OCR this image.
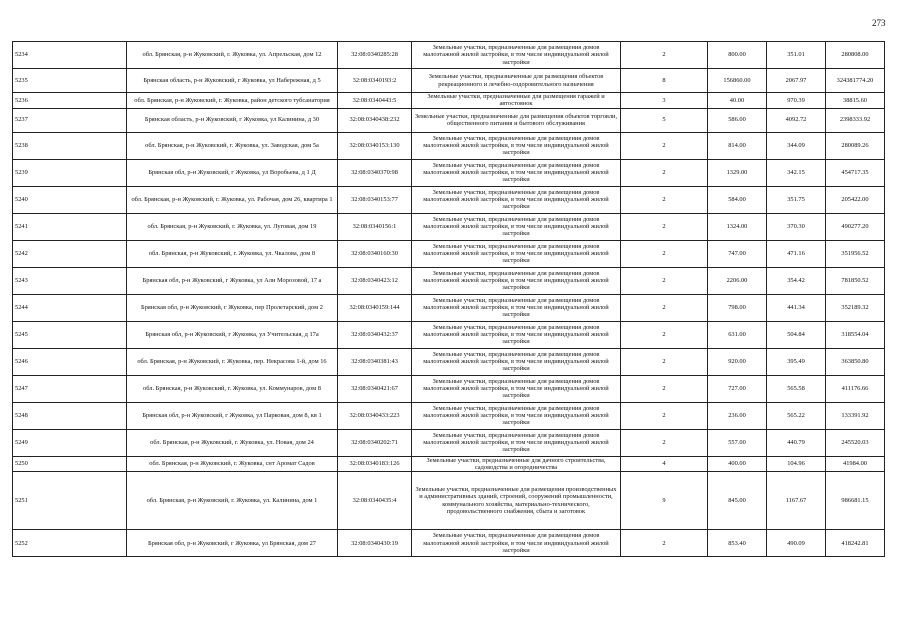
273
5234	обл. Брянская, р-н Жуковский, г. Жуковка, ул. Апрельская, дом 12	32:08:0340285:28	Земельные участки, предназначенные для размещения домов малоэтажной жилой застройки, в том числе индивидуальной жилой застройки	2	800.00	351.01	280808.00
5235	Брянская область, р-н Жуковский, г Жуковка, ул Набережная, д 5	32:08:0340193:2	Земельные участки, предназначенные для размещения объектов рекреационного и лечебно-оздоровительного назначения	8	156860.00	2067.97	324381774.20
5236	обл. Брянская, р-н Жуковский, г. Жуковка, район детского тубсанатория	32:08:0340443:5	Земельные участки, предназначенные для размещения гаражей и автостоянок	3	40.00	970.39	38815.60
5237	Брянская область, р-н Жуковский, г Жуковка, ул Калинина, д 30	32:08:0340438:232	Земельные участки, предназначенные для размещения объектов торговли, общественного питания и бытового обслуживания	5	586.00	4092.72	2398333.92
5238	обл. Брянская, р-н Жуковский, г. Жуковка, ул. Заводская, дом 5а	32:08:0340153:130	Земельные участки, предназначенные для размещения домов малоэтажной жилой застройки, в том числе индивидуальной жилой застройки	2	814.00	344.09	280089.26
5239	Брянская обл, р-н Жуковский, г Жуковка, ул Воробьева, д 1 Д	32:08:0340370:98	Земельные участки, предназначенные для размещения домов малоэтажной жилой застройки, в том числе индивидуальной жилой застройки	2	1329.00	342.15	454717.35
5240	обл. Брянская, р-н Жуковский, г. Жуковка, ул. Рабочая, дом 26, квартира 1	32:08:0340153:77	Земельные участки, предназначенные для размещения домов малоэтажной жилой застройки, в том числе индивидуальной жилой застройки	2	584.00	351.75	205422.00
5241	обл. Брянская, р-н Жуковский, г. Жуковка, ул. Луговая, дом 19	32:08:0340156:1	Земельные участки, предназначенные для размещения домов малоэтажной жилой застройки, в том числе индивидуальной жилой застройки	2	1324.00	370.30	490277.20
5242	обл. Брянская, р-н Жуковский, г. Жуковка, ул. Чкалова, дом 8	32:08:0340160:30	Земельные участки, предназначенные для размещения домов малоэтажной жилой застройки, в том числе индивидуальной жилой застройки	2	747.00	471.16	351956.52
5243	Брянская обл, р-н Жуковский, г Жуковка, ул Али Морозовой, 17 а	32:08:0340423:12	Земельные участки, предназначенные для размещения домов малоэтажной жилой застройки, в том числе индивидуальной жилой застройки	2	2206.00	354.42	781850.52
5244	Брянская обл, р-н Жуковский, г Жуковка, пер Пролетарский, дом 2	32:08:0340159:144	Земельные участки, предназначенные для размещения домов малоэтажной жилой застройки, в том числе индивидуальной жилой застройки	2	798.00	441.34	352189.32
5245	Брянская обл, р-н Жуковский, г Жуковка, ул Учительская, д 17а	32:08:0340432:37	Земельные участки, предназначенные для размещения домов малоэтажной жилой застройки, в том числе индивидуальной жилой застройки	2	631.00	504.84	318554.04
5246	обл. Брянская, р-н Жуковский, г. Жуковка, пер. Некрасова 1-й, дом 16	32:08:0340381:43	Земельные участки, предназначенные для размещения домов малоэтажной жилой застройки, в том числе индивидуальной жилой застройки	2	920.00	395.49	363850.80
5247	обл. Брянская, р-н Жуковский, г. Жуковка, ул. Коммунаров, дом 8	32:08:0340421:67	Земельные участки, предназначенные для размещения домов малоэтажной жилой застройки, в том числе индивидуальной жилой застройки	2	727.00	565.58	411176.66
5248	Брянская обл, р-н Жуковский, г Жуковка, ул Парковая, дом 8, кв 1	32:08:0340433:223	Земельные участки, предназначенные для размещения домов малоэтажной жилой застройки, в том числе индивидуальной жилой застройки	2	236.00	565.22	133391.92
5249	обл. Брянская, р-н Жуковский, г. Жуковка, ул. Новая, дом 24	32:08:0340202:71	Земельные участки, предназначенные для размещения домов малоэтажной жилой застройки, в том числе индивидуальной жилой застройки	2	557.00	440.79	245520.03
5250	обл. Брянская, р-н Жуковский, г. Жуковка, снт Аромат Садов	32:08:0340183:126	Земельные участки, предназначенные для дачного строительства, садоводства и огородничества	4	400.00	104.96	41984.00
5251	обл. Брянская, р-н Жуковский, г. Жуковка, ул. Калинина, дом 1	32:08:0340435:4	Земельные участки, предназначенные для размещения производственных и административных зданий, строений, сооружений промышленности, коммунального хозяйства, материально-технического, продовольственного снабжения, сбыта и заготовок	9	845.00	1167.67	986681.15
5252	Брянская обл, р-н Жуковский, г Жуковка, ул Брянская, дом 27	32:08:0340430:19	Земельные участки, предназначенные для размещения домов малоэтажной жилой застройки, в том числе индивидуальной жилой застройки	2	853.40	490.09	418242.81
